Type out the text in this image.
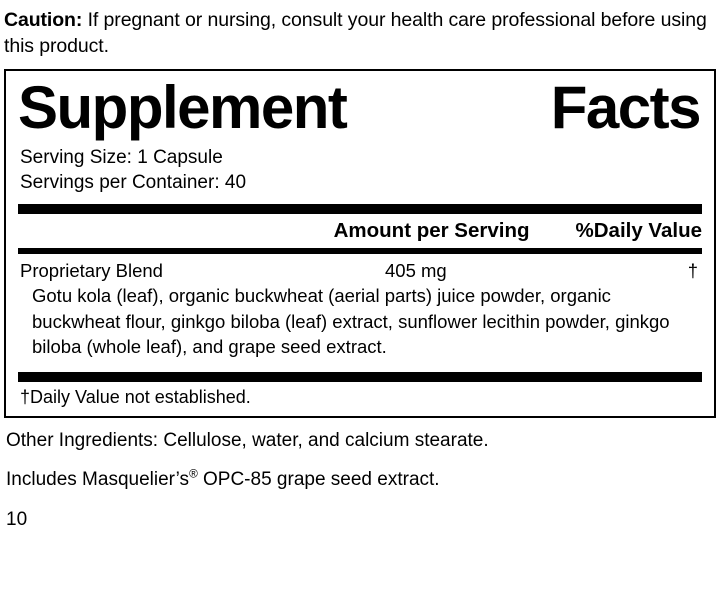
Caution: If pregnant or nursing, consult your health care professional before using this product.
Supplement	Facts
Serving Size: 1 Capsule
Servings per Container: 40
Amount per Serving %Daily Value
Proprietary Blend	405 mg	†
Gotu kola (leaf), organic buckwheat (aerial parts) juice powder, organic buckwheat flour, ginkgo biloba (leaf) extract, sunflower lecithin powder, ginkgo biloba (whole leaf), and grape seed extract.
†Daily Value not established.
Other Ingredients: Cellulose, water, and calcium stearate.
Includes Masquelier’s® OPC-85 grape seed extract.
10
